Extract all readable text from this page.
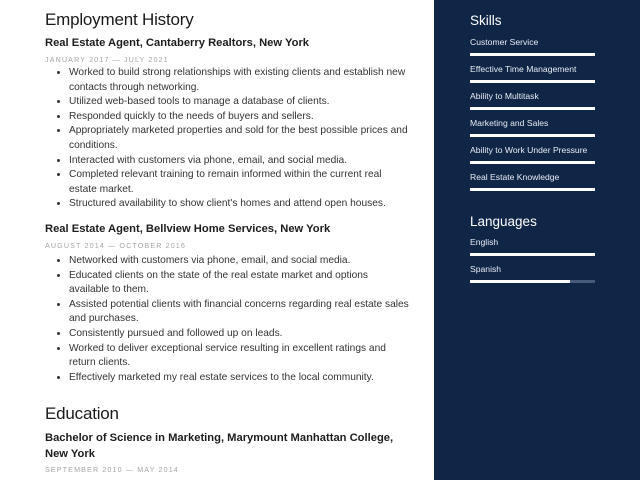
Employment History
Real Estate Agent, Cantaberry Realtors, New York
JANUARY 2017 — JULY 2021
• Worked to build strong relationships with existing clients and establish new contacts through networking.
• Utilized web-based tools to manage a database of clients.
• Responded quickly to the needs of buyers and sellers.
• Appropriately marketed properties and sold for the best possible prices and conditions.
• Interacted with customers via phone, email, and social media.
• Completed relevant training to remain informed within the current real estate market.
• Structured availability to show client's homes and attend open houses.
Real Estate Agent, Bellview Home Services, New York
AUGUST 2014 — OCTOBER 2016
• Networked with customers via phone, email, and social media.
• Educated clients on the state of the real estate market and options available to them.
• Assisted potential clients with financial concerns regarding real estate sales and purchases.
• Consistently pursued and followed up on leads.
• Worked to deliver exceptional service resulting in excellent ratings and return clients.
• Effectively marketed my real estate services to the local community.
Education
Bachelor of Science in Marketing, Marymount Manhattan College, New York
SEPTEMBER 2010 — MAY 2014
Skills
Customer Service
Effective Time Management
Ability to Multitask
Marketing and Sales
Ability to Work Under Pressure
Real Estate Knowledge
Languages
English
Spanish
